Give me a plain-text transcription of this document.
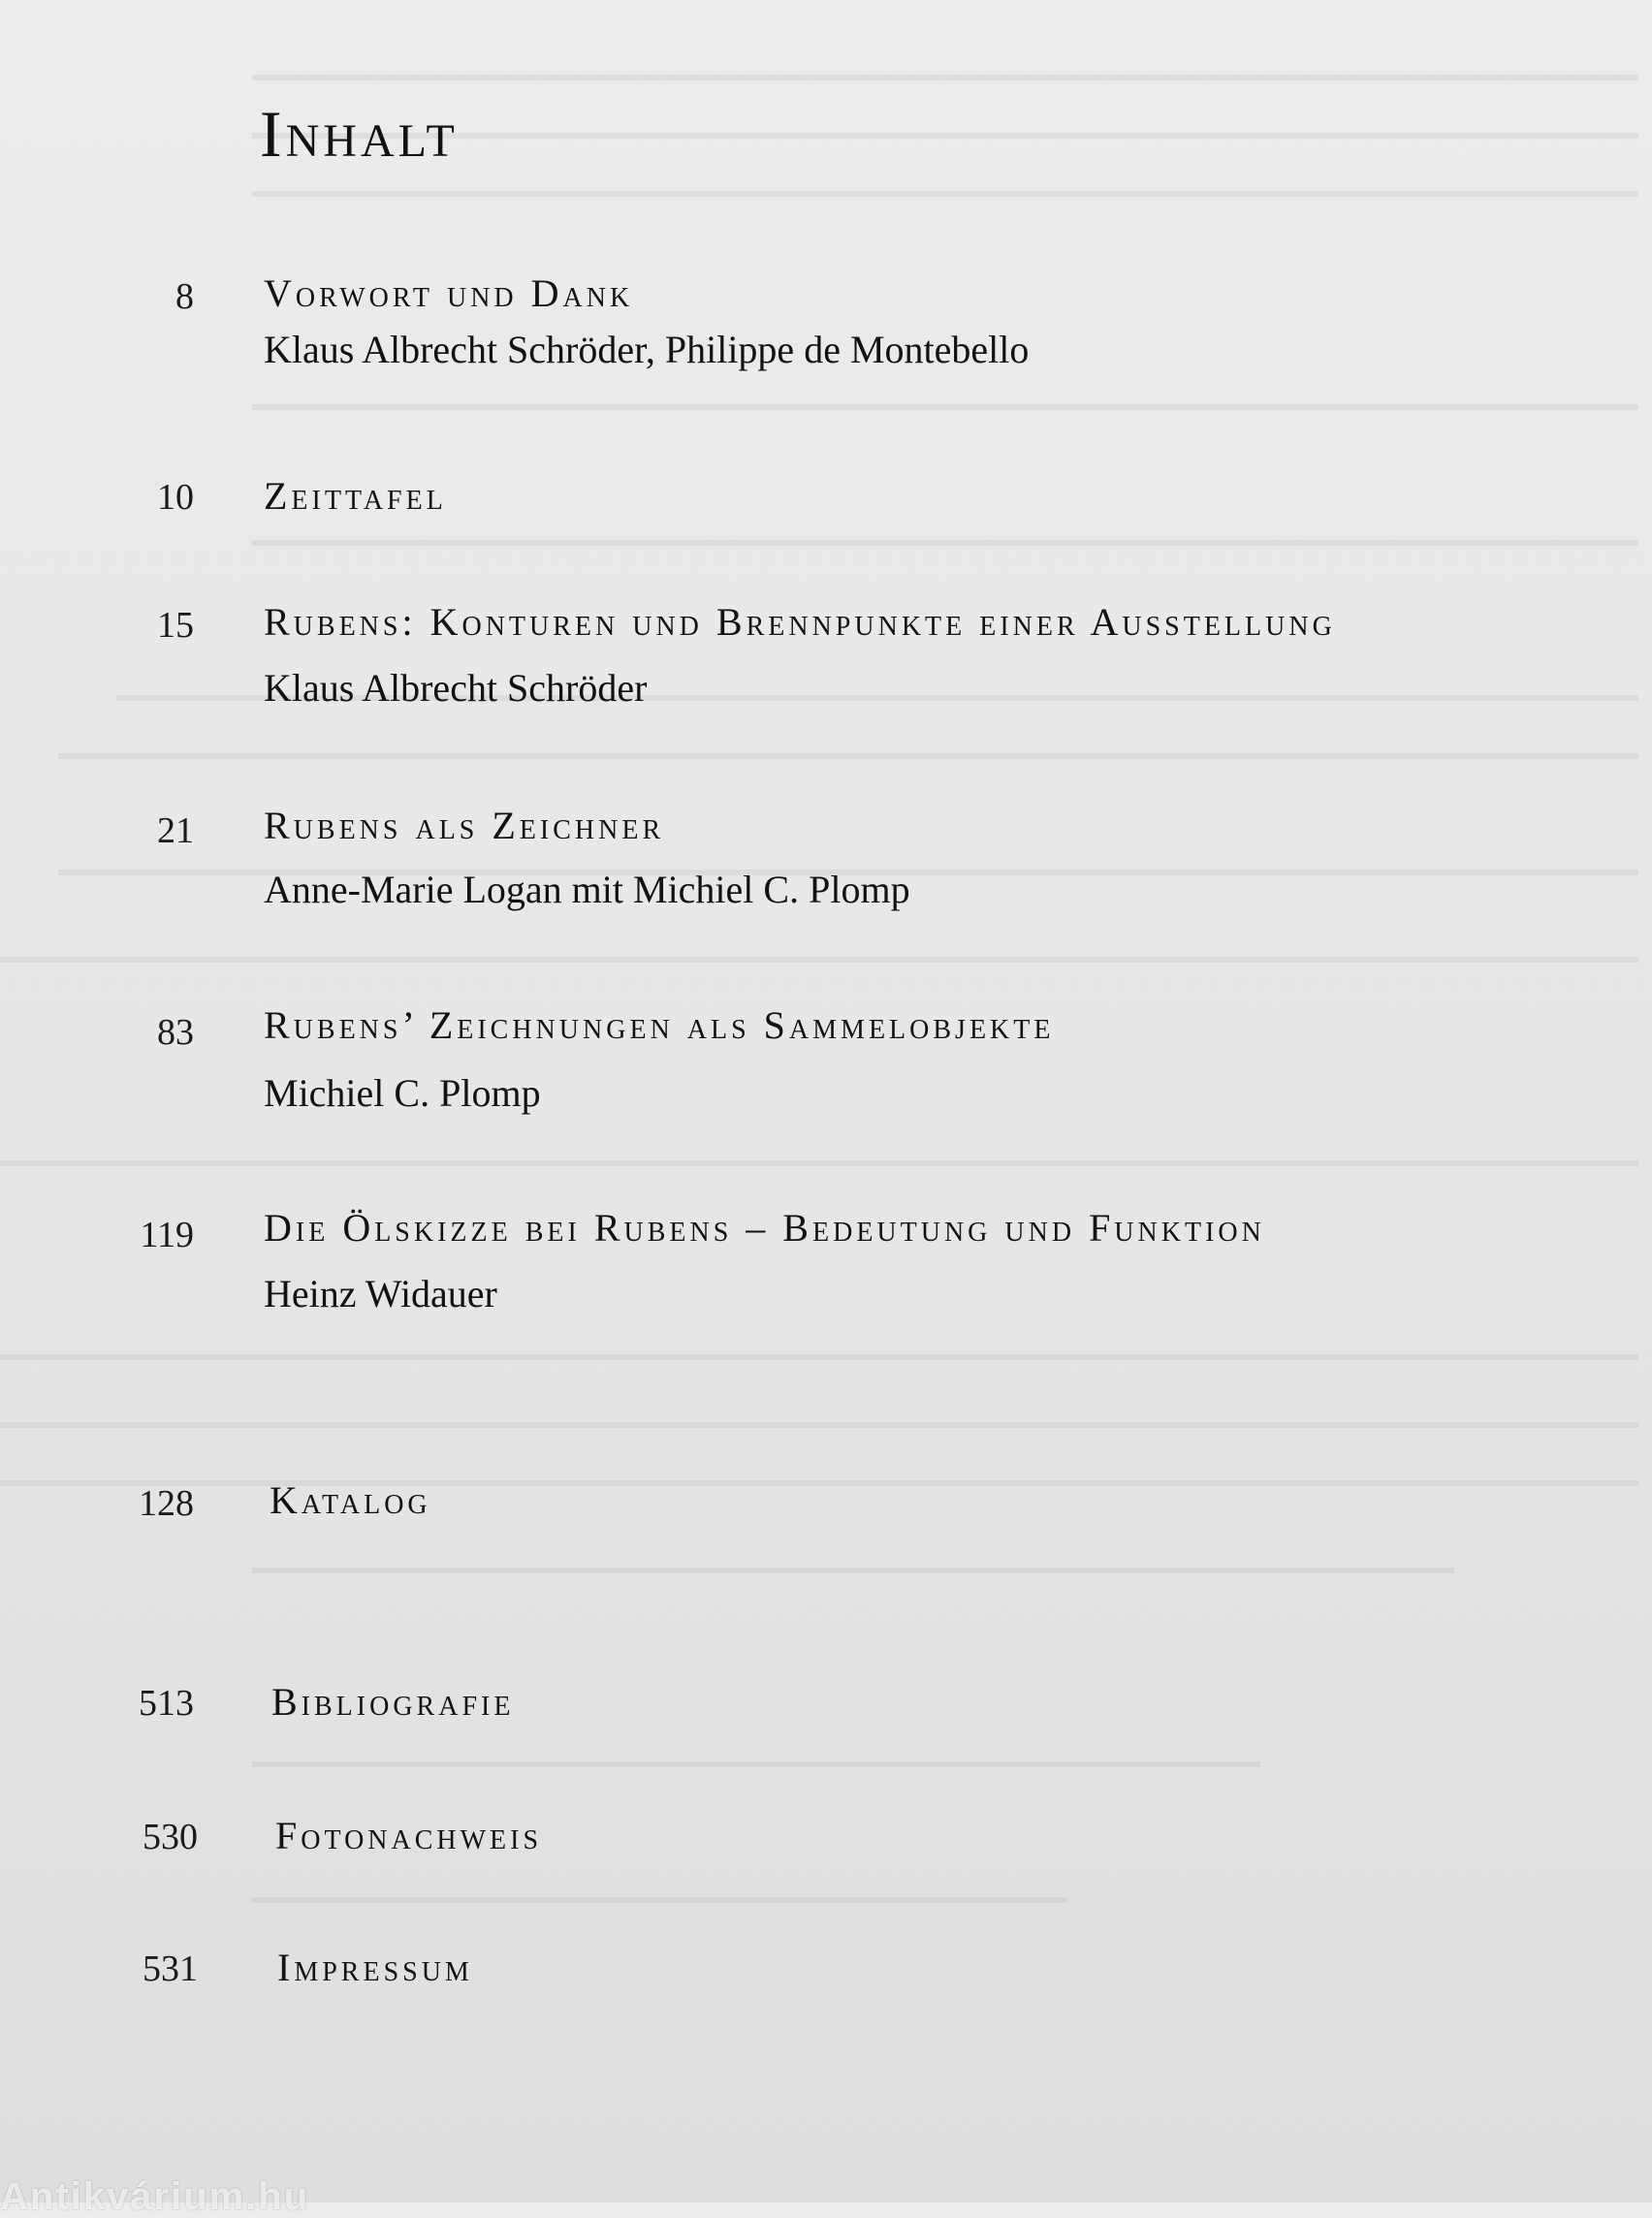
Inhalt
8 Vorwort und Dank
Klaus Albrecht Schröder, Philippe de Montebello
10 Zeittafel
15 Rubens: Konturen und Brennpunkte einer Ausstellung
Klaus Albrecht Schröder
21 Rubens als Zeichner
Anne-Marie Logan mit Michiel C. Plomp
83 Rubens’ Zeichnungen als Sammelobjekte
Michiel C. Plomp
119 Die Ölskizze bei Rubens – Bedeutung und Funktion
Heinz Widauer
128 Katalog
513 Bibliografie
530 Fotonachweis
531 Impressum
Antikvárium.hu
